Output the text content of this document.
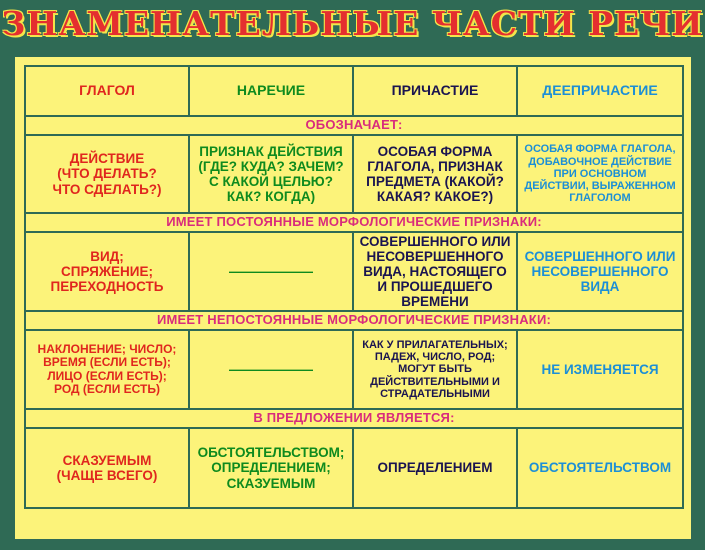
ЗНАМЕНАТЕЛЬНЫЕ ЧАСТИ РЕЧИ
ГЛАГОЛ	НАРЕЧИЕ	ПРИЧАСТИЕ	ДЕЕПРИЧАСТИЕ
ОБОЗНАЧАЕТ:			
ДЕЙСТВИЕ
(ЧТО ДЕЛАТЬ?
ЧТО СДЕЛАТЬ?)	ПРИЗНАК ДЕЙСТВИЯ
(ГДЕ? КУДА? ЗАЧЕМ?
С КАКОЙ ЦЕЛЬЮ?
КАК? КОГДА)	ОСОБАЯ ФОРМА
ГЛАГОЛА, ПРИЗНАК
ПРЕДМЕТА (КАКОЙ?
КАКАЯ? КАКОЕ?)	ОСОБАЯ ФОРМА ГЛАГОЛА,
ДОБАВОЧНОЕ ДЕЙСТВИЕ
ПРИ ОСНОВНОМ
ДЕЙСТВИИ, ВЫРАЖЕННОМ
ГЛАГОЛОМ
ИМЕЕТ ПОСТОЯННЫЕ МОРФОЛОГИЧЕСКИЕ ПРИЗНАКИ:			
ВИД;
СПРЯЖЕНИЕ;
ПЕРЕХОДНОСТЬ	——————	СОВЕРШЕННОГО ИЛИ
НЕСОВЕРШЕННОГО
ВИДА, НАСТОЯЩЕГО
И ПРОШЕДШЕГО
ВРЕМЕНИ	СОВЕРШЕННОГО ИЛИ
НЕСОВЕРШЕННОГО
ВИДА
ИМЕЕТ НЕПОСТОЯННЫЕ МОРФОЛОГИЧЕСКИЕ ПРИЗНАКИ:			
НАКЛОНЕНИЕ; ЧИСЛО;
ВРЕМЯ (ЕСЛИ ЕСТЬ);
ЛИЦО (ЕСЛИ ЕСТЬ);
РОД (ЕСЛИ ЕСТЬ)	——————	КАК У ПРИЛАГАТЕЛЬНЫХ;
ПАДЕЖ, ЧИСЛО, РОД;
МОГУТ БЫТЬ
ДЕЙСТВИТЕЛЬНЫМИ И
СТРАДАТЕЛЬНЫМИ	НЕ ИЗМЕНЯЕТСЯ
В ПРЕДЛОЖЕНИИ ЯВЛЯЕТСЯ:			
СКАЗУЕМЫМ
(ЧАЩЕ ВСЕГО)	ОБСТОЯТЕЛЬСТВОМ;
ОПРЕДЕЛЕНИЕМ;
СКАЗУЕМЫМ	ОПРЕДЕЛЕНИЕМ	ОБСТОЯТЕЛЬСТВОМ
